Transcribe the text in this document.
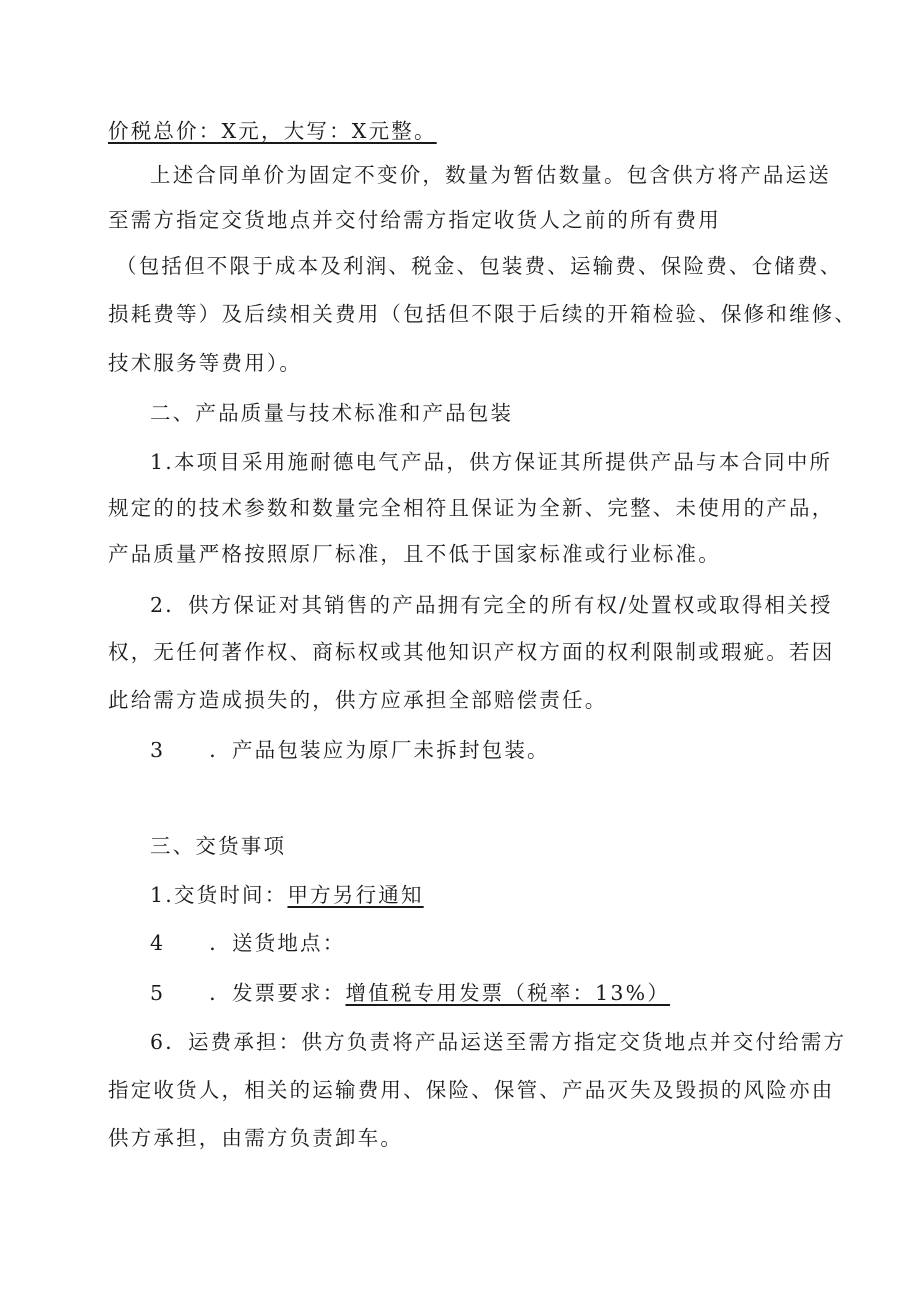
价税总价：X元，大写：X元整。
上述合同单价为固定不变价，数量为暂估数量。包含供方将产品运送
至需方指定交货地点并交付给需方指定收货人之前的所有费用
（包括但不限于成本及利润、税金、包装费、运输费、保险费、仓储费、
损耗费等）及后续相关费用（包括但不限于后续的开箱检验、保修和维修、
技术服务等费用）。
二、产品质量与技术标准和产品包装
1.本项目采用施耐德电气产品，供方保证其所提供产品与本合同中所
规定的的技术参数和数量完全相符且保证为全新、完整、未使用的产品，
产品质量严格按照原厂标准，且不低于国家标准或行业标准。
2．供方保证对其销售的产品拥有完全的所有权/处置权或取得相关授
权，无任何著作权、商标权或其他知识产权方面的权利限制或瑕疵。若因
此给需方造成损失的，供方应承担全部赔偿责任。
3 ．产品包装应为原厂未拆封包装。
三、交货事项
1.交货时间：甲方另行通知
4 ．送货地点：
5 ．发票要求：增值税专用发票（税率：13%）
6．运费承担：供方负责将产品运送至需方指定交货地点并交付给需方
指定收货人，相关的运输费用、保险、保管、产品灭失及毁损的风险亦由
供方承担，由需方负责卸车。
